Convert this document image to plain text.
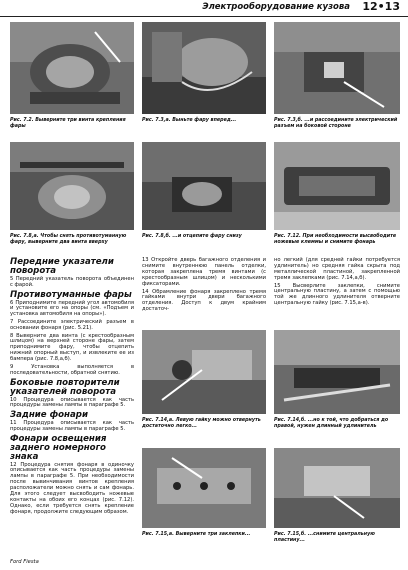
Электрооборудование кузова 12•13
Рис. 7.2. Выверните три винта крепления фары
Рис. 7.3,а. Выньте фару вперед...	Рис. 7.3,б. ...и рассоедините электрический разъем на боковой стороне
Рис. 7.8,а. Чтобы снять противотуманную фару, выверните два винта вверху
Рис. 7.8,б. ...и отцепите фару снизу	Рис. 7.12. При необходимости высвободите ножевые клеммы и снимите фонарь
Передние указатели поворота
5 Передний указатель поворота объединен с фарой.
Противотуманные фары
6 Приподнимите передний угол автомобиля и установите его на опоры (см. «Подъем и установка автомобиля на опоры»).
7 Рассоедините электрический разъем в основании фонаря (рис. 5.21).
8 Выверните два винта (с крестообразным шлицом) на верхней стороне фары, затем приподнимите фару, чтобы отцепить нижний опорный выступ, и извлеките ее из бампера (рис. 7.8,а,б).
9 Установка выполняется в последовательности, обратной снятию.
Боковые повторители указателей поворота
10 Процедура описывается как часть процедуры замены лампы в параграфе 5.
Задние фонари
11 Процедура описывается как часть процедуры замены лампы в параграфе 5.
Фонари освещения заднего номерного знака
12 Процедура снятия фонаря в одиночку описывается как часть процедуры замены лампы в параграфе 5. При необходимости после вывинчивания винтов крепления расположатели можно снять и сам фонарь. Для этого следует высвободить ножевые контакты на обоих его концах (рис. 7.12). Однако, если требуется снять крепление фонаря, продолжите следующим образом.
13 Откройте дверь багажного отделения и снимите внутреннюю панель отделки, которая закреплена тремя винтами (с крестообразным шлицом) и несколькими фиксаторами.
14 Обрамление фонаря закреплено тремя гайками внутри двери багажного отделения. Доступ к двум крайним достаточ-
но легкий (для средней гайки потребуется удлинитель) но средняя гайка скрыта под металлической пластиной, закрепленной тремя заклепками (рис. 7.14,а,б).
15 Высверлите заклепки, снимите центральную пластину, а затем с помощью той же длинного удлинителя отверните центральную гайку (рис. 7.15,а-в).
Рис. 7.14,а. Левую гайку можно отвернуть достаточно легко...
Рис. 7.14,б. ...но к той, что добраться до правой, нужен длинный удлинитель
Рис. 7.15,а. Выверните три заклепки...	Рис. 7.15,б. ...снимите центральную пластину...
Ford Fiesta
